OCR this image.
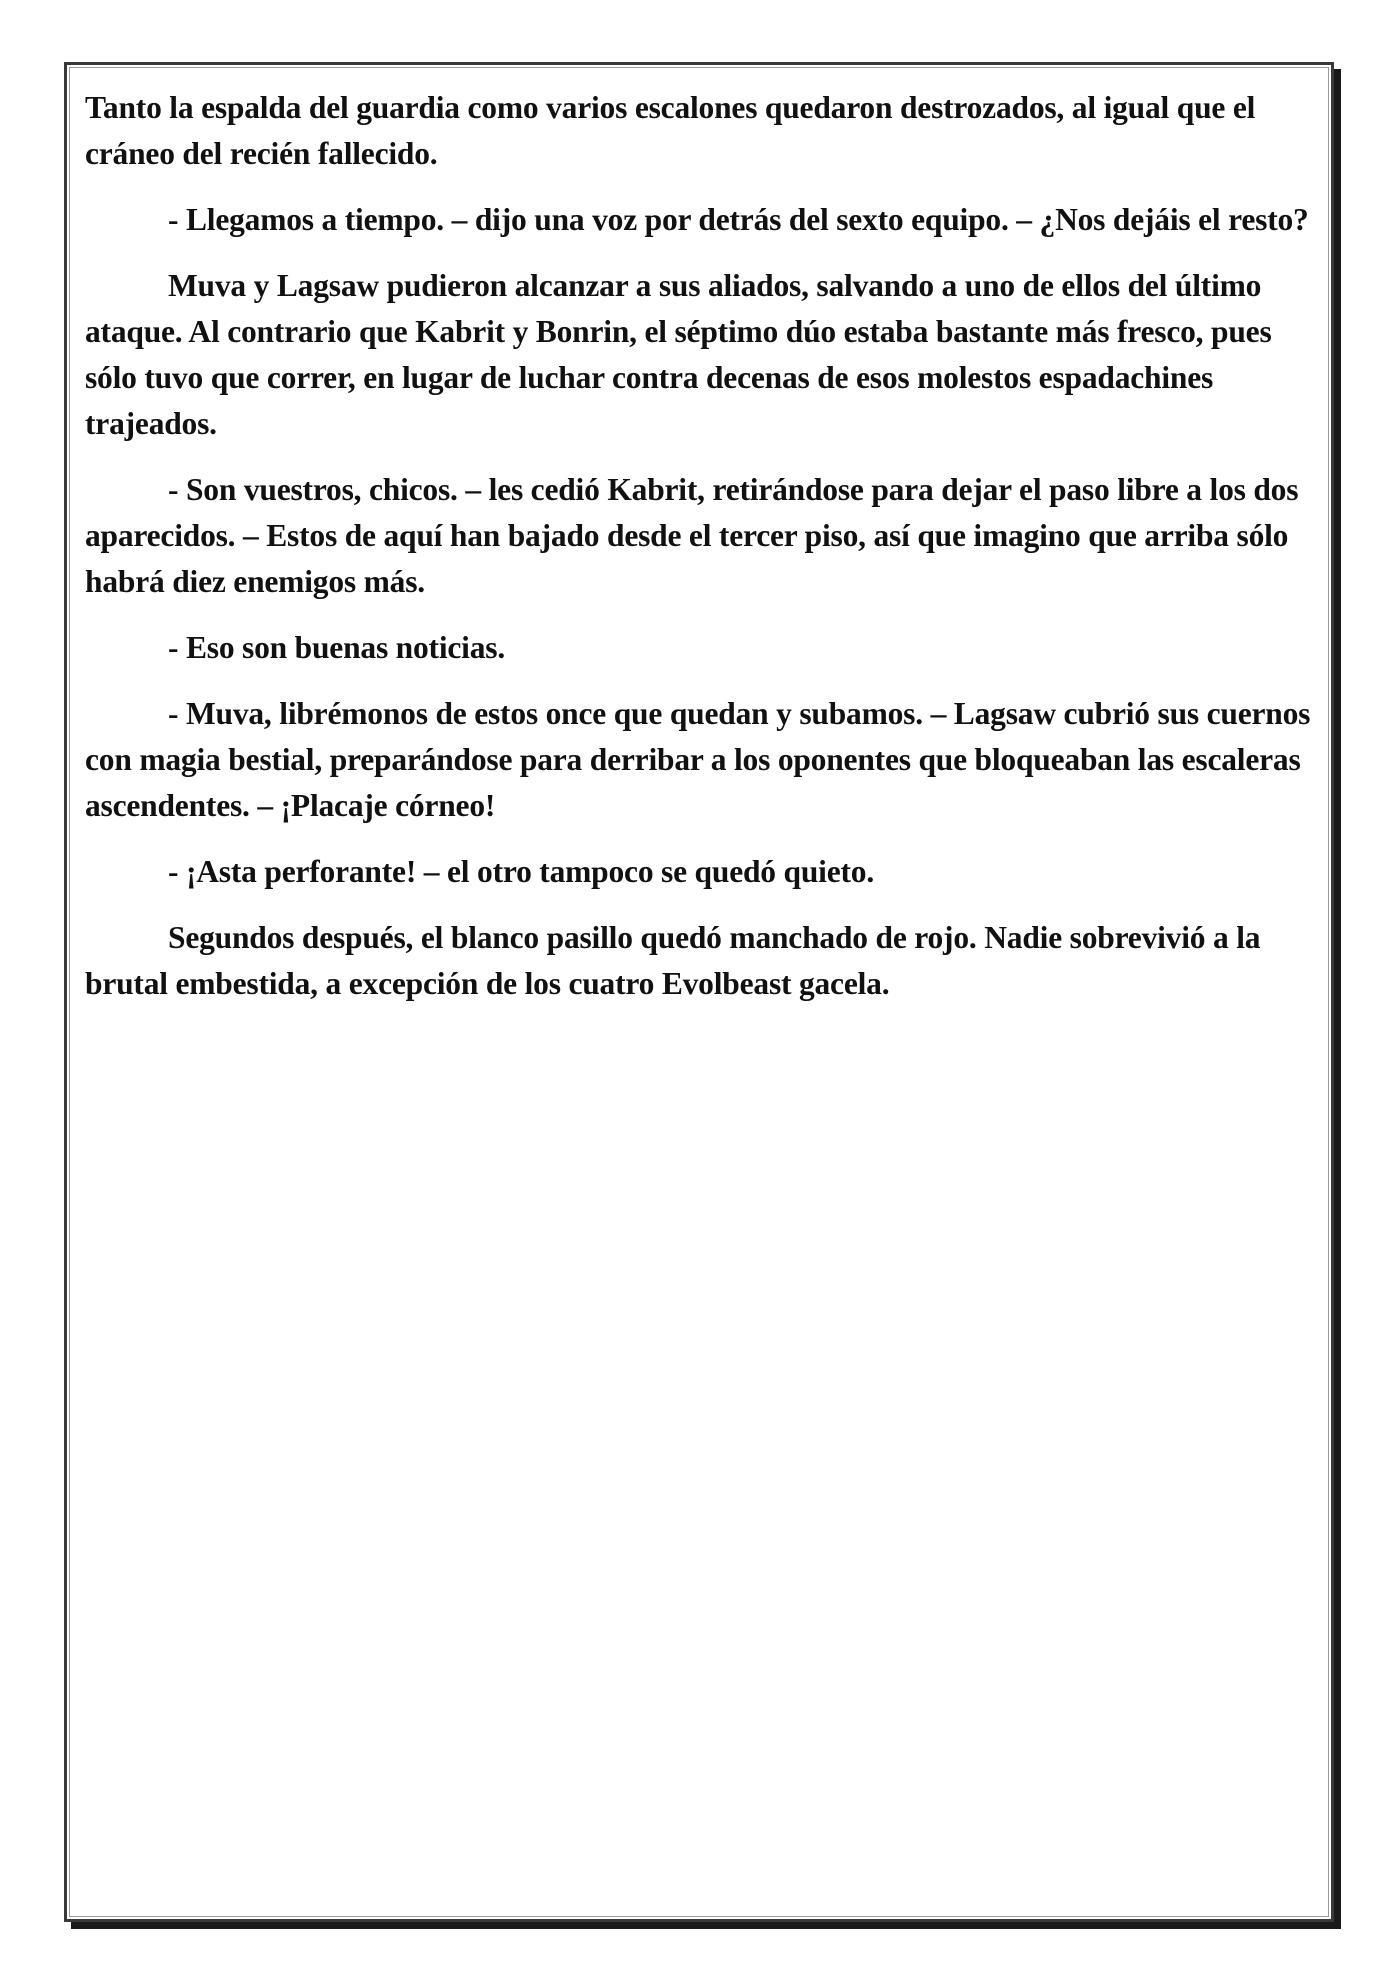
Tanto la espalda del guardia como varios escalones quedaron destrozados, al igual que el cráneo del recién fallecido.

- Llegamos a tiempo. – dijo una voz por detrás del sexto equipo. – ¿Nos dejáis el resto?

Muva y Lagsaw pudieron alcanzar a sus aliados, salvando a uno de ellos del último ataque. Al contrario que Kabrit y Bonrin, el séptimo dúo estaba bastante más fresco, pues sólo tuvo que correr, en lugar de luchar contra decenas de esos molestos espadachines trajeados.

- Son vuestros, chicos. – les cedió Kabrit, retirándose para dejar el paso libre a los dos aparecidos. – Estos de aquí han bajado desde el tercer piso, así que imagino que arriba sólo habrá diez enemigos más.

- Eso son buenas noticias.

- Muva, librémonos de estos once que quedan y subamos. – Lagsaw cubrió sus cuernos con magia bestial, preparándose para derribar a los oponentes que bloqueaban las escaleras ascendentes. – ¡Placaje córneo!

- ¡Asta perforante! – el otro tampoco se quedó quieto.

Segundos después, el blanco pasillo quedó manchado de rojo. Nadie sobrevivió a la brutal embestida, a excepción de los cuatro Evolbeast gacela.
